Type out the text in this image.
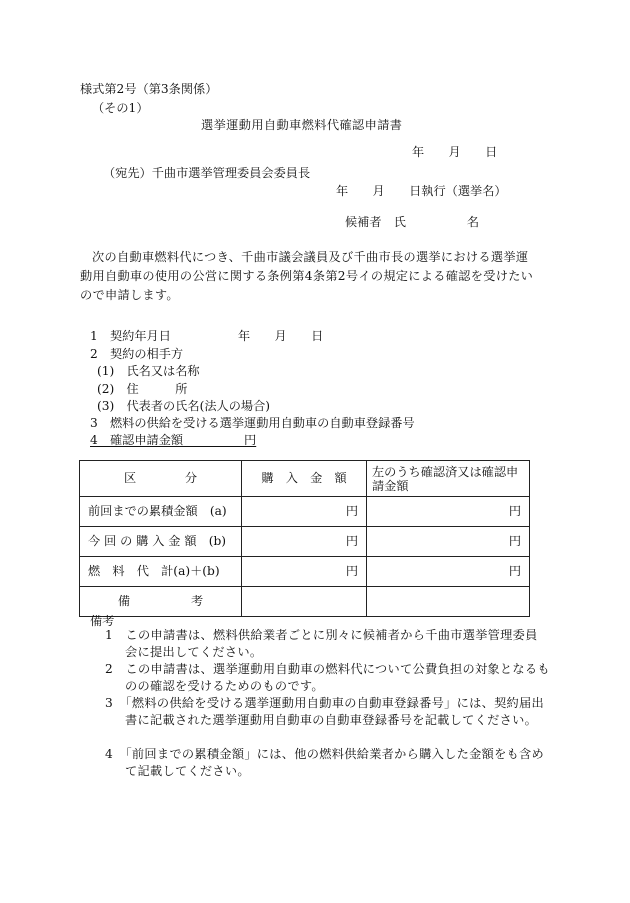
様式第2号（第3条関係）
（その1）
選挙運動用自動車燃料代確認申請書
年　　月　　日
（宛先）千曲市選挙管理委員会委員長
年　　月　　日執行（選挙名）
候補者　氏　　　　　名
次の自動車燃料代につき、千曲市議会議員及び千曲市長の選挙における選挙運動用自動車の使用の公営に関する条例第4条第2号イの規定による確認を受けたいので申請します。
1　契約年月日	年　　月　　日
2　契約の相手方
(1)　氏名又は名称
(2)　住　　　所
(3)　代表者の氏名(法人の場合)
3　燃料の供給を受ける選挙運動用自動車の自動車登録番号
4　確認申請金額　　　　　円
区　　　　分	購　入　金　額	左のうち確認済又は確認申請金額
前回までの累積金額　(a)	円	円
今 回 の 購 入 金 額　(b)	円	円
燃　料　代　計(a)＋(b)	円	円
備　　　　　考		
備考
1　この申請書は、燃料供給業者ごとに別々に候補者から千曲市選挙管理委員会に提出してください。
2　この申請書は、選挙運動用自動車の燃料代について公費負担の対象となるものの確認を受けるためのものです。
3　「燃料の供給を受ける選挙運動用自動車の自動車登録番号」には、契約届出書に記載された選挙運動用自動車の自動車登録番号を記載してください。
4　「前回までの累積金額」には、他の燃料供給業者から購入した金額をも含めて記載してください。
